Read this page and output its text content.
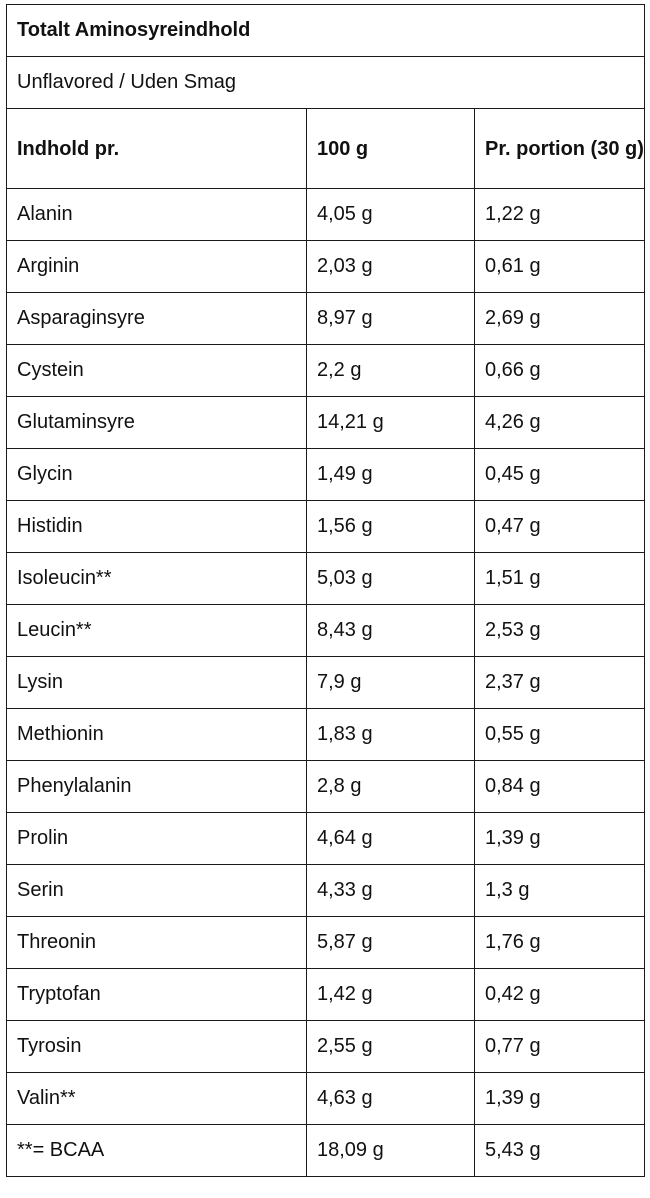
Totalt Aminosyreindhold		
Unflavored / Uden Smag		
Indhold pr.	100 g	Pr. portion (30 g)
Alanin	4,05 g	1,22 g
Arginin	2,03 g	0,61 g
Asparaginsyre	8,97 g	2,69 g
Cystein	2,2 g	0,66 g
Glutaminsyre	14,21 g	4,26 g
Glycin	1,49 g	0,45 g
Histidin	1,56 g	0,47 g
Isoleucin**	5,03 g	1,51 g
Leucin**	8,43 g	2,53 g
Lysin	7,9 g	2,37 g
Methionin	1,83 g	0,55 g
Phenylalanin	2,8 g	0,84 g
Prolin	4,64 g	1,39 g
Serin	4,33 g	1,3 g
Threonin	5,87 g	1,76 g
Tryptofan	1,42 g	0,42 g
Tyrosin	2,55 g	0,77 g
Valin**	4,63 g	1,39 g
**= BCAA	18,09 g	5,43 g
